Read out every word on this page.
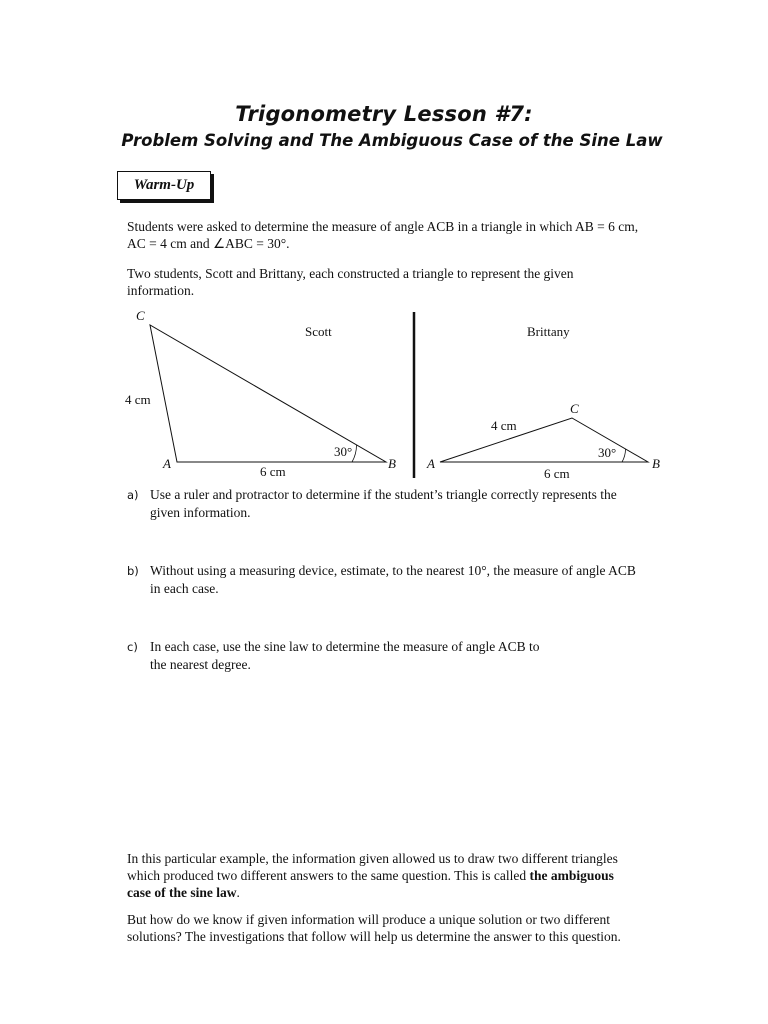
Trigonometry Lesson #7:
Problem Solving and The Ambiguous Case of the Sine Law
Warm-Up
Students were asked to determine the measure of angle ACB in a triangle in which AB = 6 cm,
AC = 4 cm and ∠ABC = 30°.
Two students, Scott and Brittany, each constructed a triangle to represent the given
information.
C
A	B
Scott
4 cm
6 cm
30°
C
A	B
Brittany
4 cm
6 cm
30°
a) Use a ruler and protractor to determine if the student’s triangle correctly represents the
given information.
b) Without using a measuring device, estimate, to the nearest 10°, the measure of angle ACB
in each case.
c) In each case, use the sine law to determine the measure of angle ACB to
the nearest degree.
In this particular example, the information given allowed us to draw two different triangles
which produced two different answers to the same question. This is called the ambiguous
case of the sine law.
But how do we know if given information will produce a unique solution or two different
solutions? The investigations that follow will help us determine the answer to this question.
